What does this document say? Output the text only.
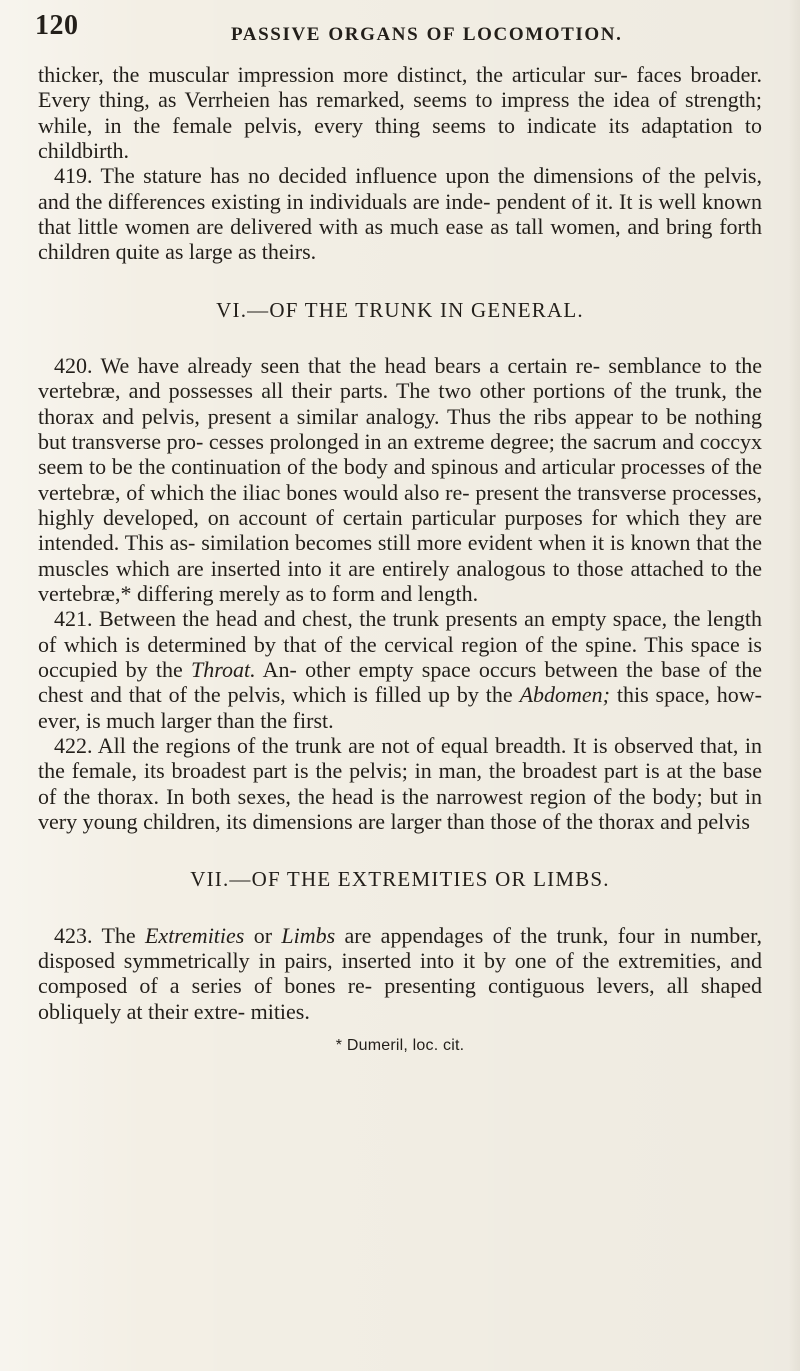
120	PASSIVE ORGANS OF LOCOMOTION.

thicker, the muscular impression more distinct, the articular sur- faces broader. Every thing, as Verrheien has remarked, seems to impress the idea of strength; while, in the female pelvis, every thing seems to indicate its adaptation to childbirth.

419. The stature has no decided influence upon the dimensions of the pelvis, and the differences existing in individuals are inde- pendent of it. It is well known that little women are delivered with as much ease as tall women, and bring forth children quite as large as theirs.

VI.—OF THE TRUNK IN GENERAL.

420. We have already seen that the head bears a certain re- semblance to the vertebræ, and possesses all their parts. The two other portions of the trunk, the thorax and pelvis, present a similar analogy. Thus the ribs appear to be nothing but transverse pro- cesses prolonged in an extreme degree; the sacrum and coccyx seem to be the continuation of the body and spinous and articular processes of the vertebræ, of which the iliac bones would also re- present the transverse processes, highly developed, on account of certain particular purposes for which they are intended. This as- similation becomes still more evident when it is known that the muscles which are inserted into it are entirely analogous to those attached to the vertebræ,* differing merely as to form and length.

421. Between the head and chest, the trunk presents an empty space, the length of which is determined by that of the cervical region of the spine. This space is occupied by the Throat. An- other empty space occurs between the base of the chest and that of the pelvis, which is filled up by the Abdomen; this space, how- ever, is much larger than the first.

422. All the regions of the trunk are not of equal breadth. It is observed that, in the female, its broadest part is the pelvis; in man, the broadest part is at the base of the thorax. In both sexes, the head is the narrowest region of the body; but in very young children, its dimensions are larger than those of the thorax and pelvis

VII.—OF THE EXTREMITIES OR LIMBS.

423. The Extremities or Limbs are appendages of the trunk, four in number, disposed symmetrically in pairs, inserted into it by one of the extremities, and composed of a series of bones re- presenting contiguous levers, all shaped obliquely at their extre- mities.

* Dumeril, loc. cit.
